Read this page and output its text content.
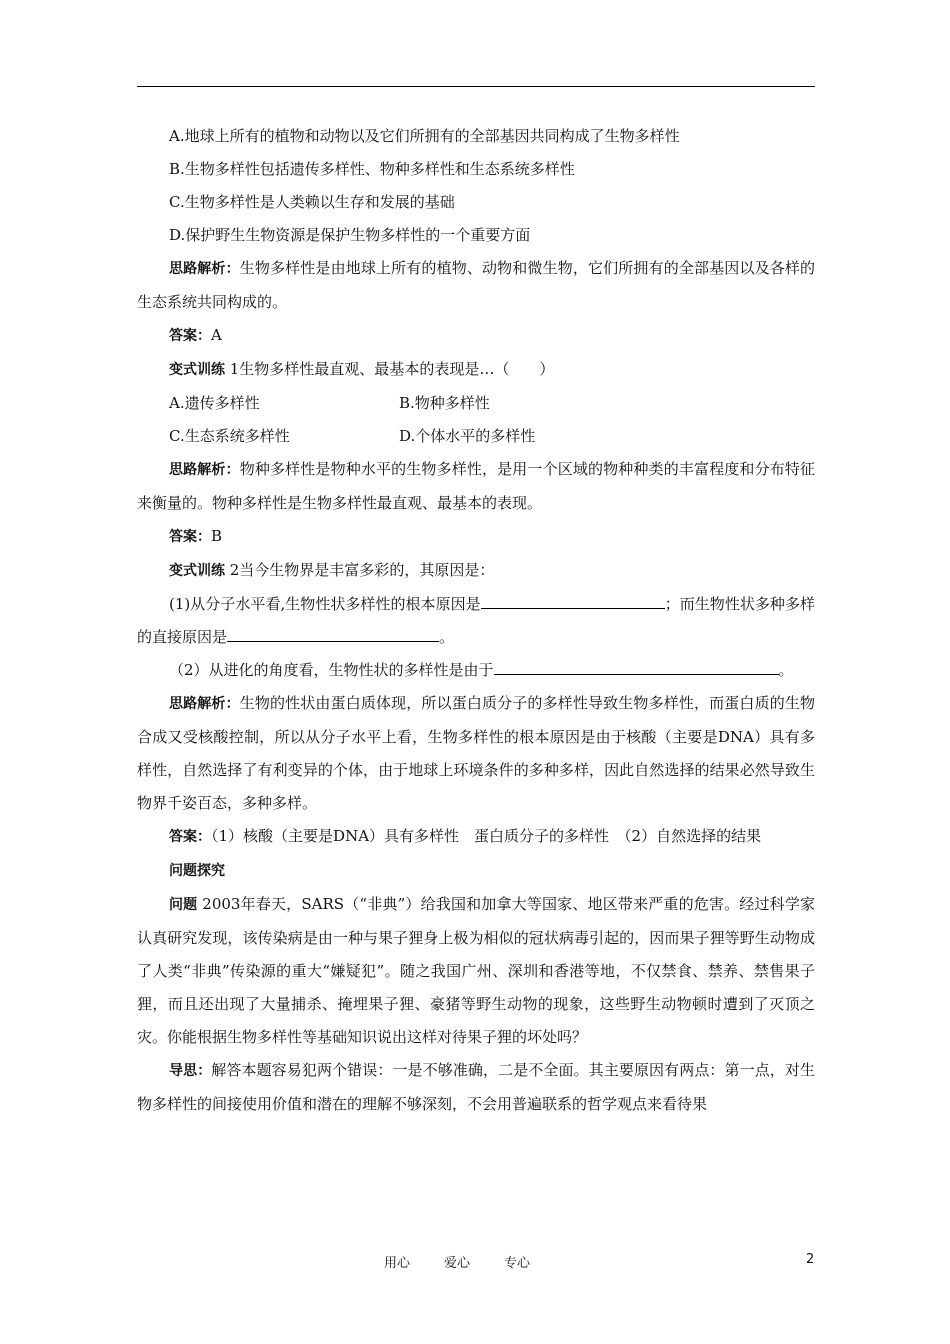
A.地球上所有的植物和动物以及它们所拥有的全部基因共同构成了生物多样性

B.生物多样性包括遗传多样性、物种多样性和生态系统多样性

C.生物多样性是人类赖以生存和发展的基础

D.保护野生生物资源是保护生物多样性的一个重要方面

思路解析：生物多样性是由地球上所有的植物、动物和微生物，它们所拥有的全部基因以及各样的生态系统共同构成的。

答案：A

变式训练 1生物多样性最直观、最基本的表现是…（　　）

A.遗传多样性	B.物种多样性
C.生态系统多样性	D.个体水平的多样性

思路解析：物种多样性是物种水平的生物多样性，是用一个区域的物种种类的丰富程度和分布特征来衡量的。物种多样性是生物多样性最直观、最基本的表现。

答案：B

变式训练 2当今生物界是丰富多彩的，其原因是：

(1)从分子水平看,生物性状多样性的根本原因是	；而生物性状多种多样的直接原因是	。

（2）从进化的角度看，生物性状的多样性是由于	。

思路解析：生物的性状由蛋白质体现，所以蛋白质分子的多样性导致生物多样性，而蛋白质的生物合成又受核酸控制，所以从分子水平上看，生物多样性的根本原因是由于核酸（主要是DNA）具有多样性，自然选择了有利变异的个体，由于地球上环境条件的多种多样，因此自然选择的结果必然导致生物界千姿百态，多种多样。

答案：（1）核酸（主要是DNA）具有多样性　蛋白质分子的多样性　（2）自然选择的结果

问题探究

问题 2003年春天，SARS（“非典”）给我国和加拿大等国家、地区带来严重的危害。经过科学家认真研究发现，该传染病是由一种与果子狸身上极为相似的冠状病毒引起的，因而果子狸等野生动物成了人类“非典”传染源的重大“嫌疑犯”。随之我国广州、深圳和香港等地，不仅禁食、禁养、禁售果子狸，而且还出现了大量捕杀、掩埋果子狸、豪猪等野生动物的现象，这些野生动物顿时遭到了灭顶之灾。你能根据生物多样性等基础知识说出这样对待果子狸的坏处吗？

导思：解答本题容易犯两个错误：一是不够准确，二是不全面。其主要原因有两点：第一点，对生物多样性的间接使用价值和潜在的理解不够深刻，不会用普遍联系的哲学观点来看待果

用心	爱心	专心	2
